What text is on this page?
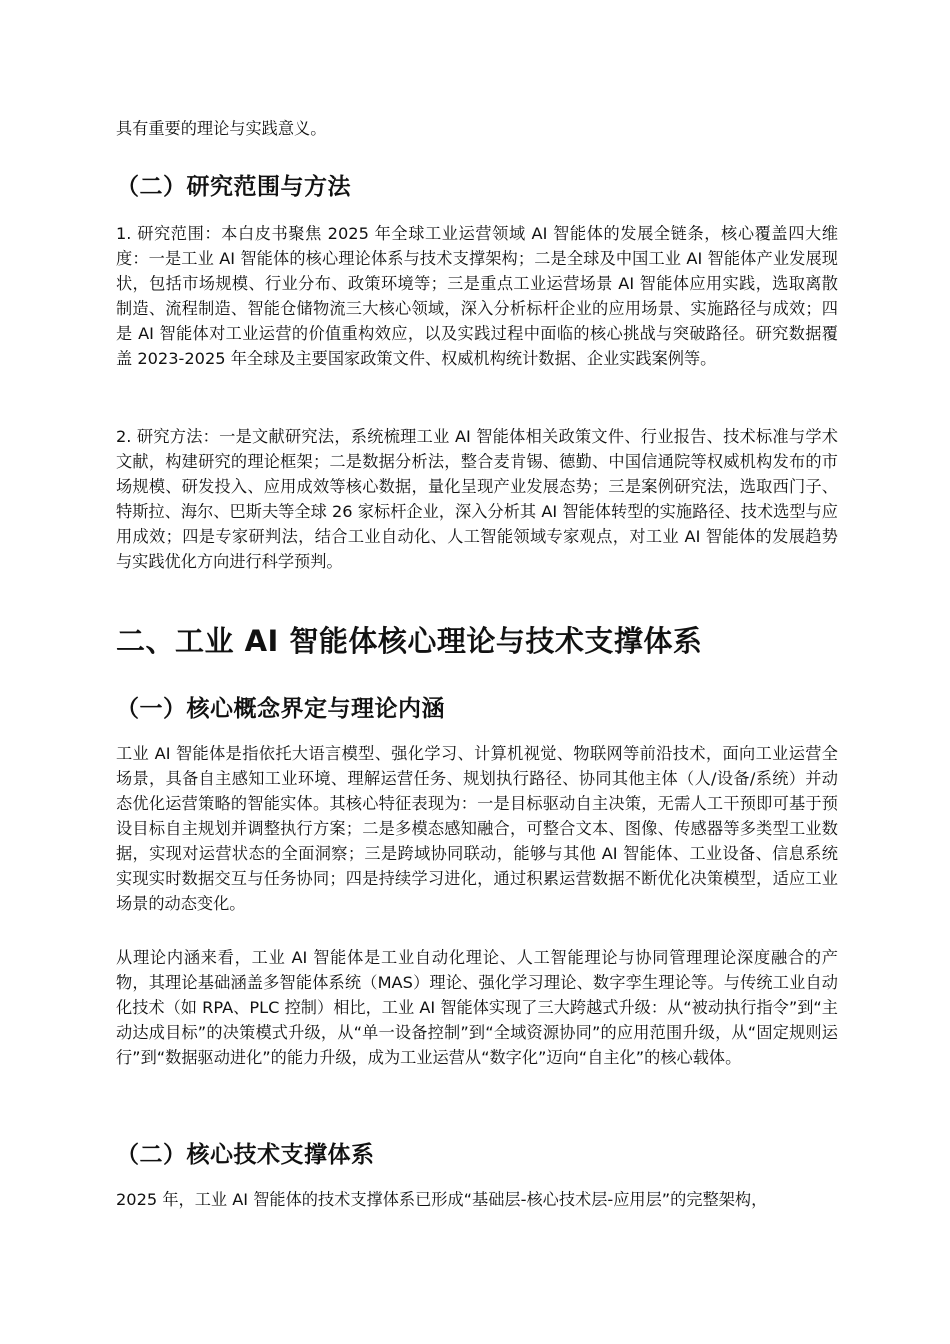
具有重要的理论与实践意义。

（二）研究范围与方法

1. 研究范围：本白皮书聚焦 2025 年全球工业运营领域 AI 智能体的发展全链条，核心覆盖四大维度：一是工业 AI 智能体的核心理论体系与技术支撑架构；二是全球及中国工业 AI 智能体产业发展现状，包括市场规模、行业分布、政策环境等；三是重点工业运营场景 AI 智能体应用实践，选取离散制造、流程制造、智能仓储物流三大核心领域，深入分析标杆企业的应用场景、实施路径与成效；四是 AI 智能体对工业运营的价值重构效应，以及实践过程中面临的核心挑战与突破路径。研究数据覆盖 2023-2025 年全球及主要国家政策文件、权威机构统计数据、企业实践案例等。

2. 研究方法：一是文献研究法，系统梳理工业 AI 智能体相关政策文件、行业报告、技术标准与学术文献，构建研究的理论框架；二是数据分析法，整合麦肯锡、德勤、中国信通院等权威机构发布的市场规模、研发投入、应用成效等核心数据，量化呈现产业发展态势；三是案例研究法，选取西门子、特斯拉、海尔、巴斯夫等全球 26 家标杆企业，深入分析其 AI 智能体转型的实施路径、技术选型与应用成效；四是专家研判法，结合工业自动化、人工智能领域专家观点，对工业 AI 智能体的发展趋势与实践优化方向进行科学预判。

二、工业 AI 智能体核心理论与技术支撑体系
（一）核心概念界定与理论内涵

工业 AI 智能体是指依托大语言模型、强化学习、计算机视觉、物联网等前沿技术，面向工业运营全场景，具备自主感知工业环境、理解运营任务、规划执行路径、协同其他主体（人/设备/系统）并动态优化运营策略的智能实体。其核心特征表现为：一是目标驱动自主决策，无需人工干预即可基于预设目标自主规划并调整执行方案；二是多模态感知融合，可整合文本、图像、传感器等多类型工业数据，实现对运营状态的全面洞察；三是跨域协同联动，能够与其他 AI 智能体、工业设备、信息系统实现实时数据交互与任务协同；四是持续学习进化，通过积累运营数据不断优化决策模型，适应工业场景的动态变化。

从理论内涵来看，工业 AI 智能体是工业自动化理论、人工智能理论与协同管理理论深度融合的产物，其理论基础涵盖多智能体系统（MAS）理论、强化学习理论、数字孪生理论等。与传统工业自动化技术（如 RPA、PLC 控制）相比，工业 AI 智能体实现了三大跨越式升级：从“被动执行指令”到“主动达成目标”的决策模式升级，从“单一设备控制”到“全域资源协同”的应用范围升级，从“固定规则运行”到“数据驱动进化”的能力升级，成为工业运营从“数字化”迈向“自主化”的核心载体。

（二）核心技术支撑体系

2025 年，工业 AI 智能体的技术支撑体系已形成“基础层-核心技术层-应用层”的完整架构，
